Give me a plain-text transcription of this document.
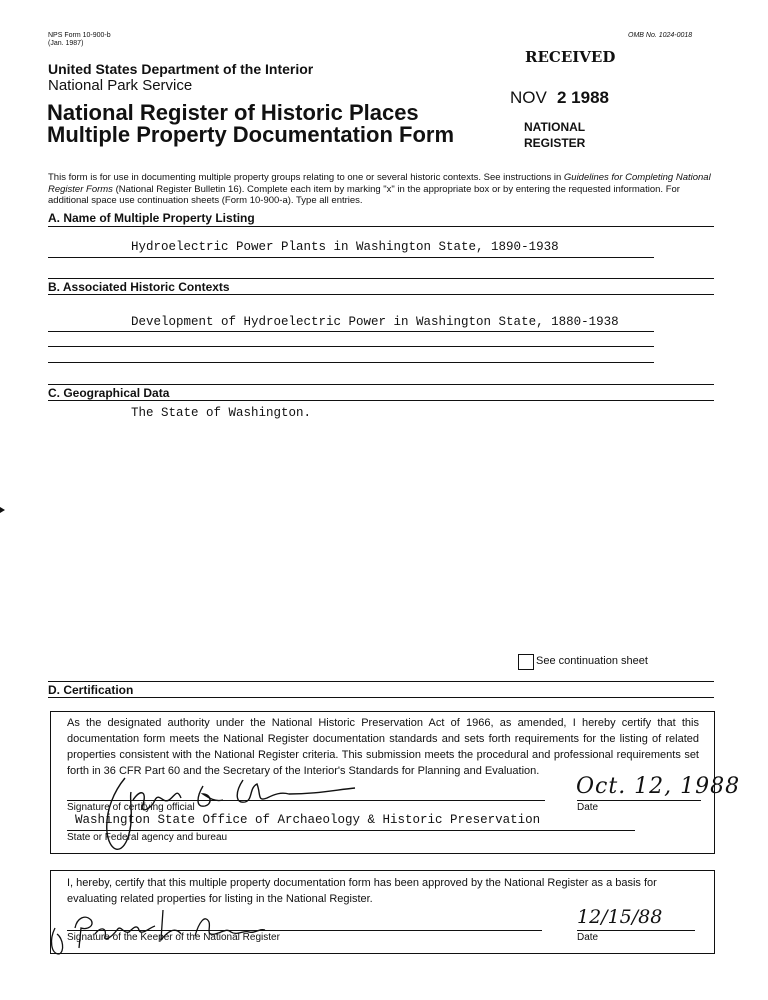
NPS Form 10-900-b
(Jan. 1987)
OMB No. 1024-0018
United States Department of the Interior
National Park Service
National Register of Historic Places
Multiple Property Documentation Form
RECEIVED
NOV 2 1988
NATIONAL
REGISTER
This form is for use in documenting multiple property groups relating to one or several historic contexts. See instructions in Guidelines for Completing National Register Forms (National Register Bulletin 16). Complete each item by marking "x" in the appropriate box or by entering the requested information. For additional space use continuation sheets (Form 10-900-a). Type all entries.
A. Name of Multiple Property Listing
Hydroelectric Power Plants in Washington State, 1890-1938
B. Associated Historic Contexts
Development of Hydroelectric Power in Washington State, 1880-1938
C. Geographical Data
The State of Washington.
See continuation sheet
D. Certification
As the designated authority under the National Historic Preservation Act of 1966, as amended, I hereby certify that this documentation form meets the National Register documentation standards and sets forth requirements for the listing of related properties consistent with the National Register criteria. This submission meets the procedural and professional requirements set forth in 36 CFR Part 60 and the Secretary of the Interior's Standards for Planning and Evaluation.
Signature of certifying official	Date
Oct. 12, 1988
Washington State Office of Archaeology & Historic Preservation
State or Federal agency and bureau
I, hereby, certify that this multiple property documentation form has been approved by the National Register as a basis for evaluating related properties for listing in the National Register.
Signature of the Keeper of the National Register
12/15/88
Date
